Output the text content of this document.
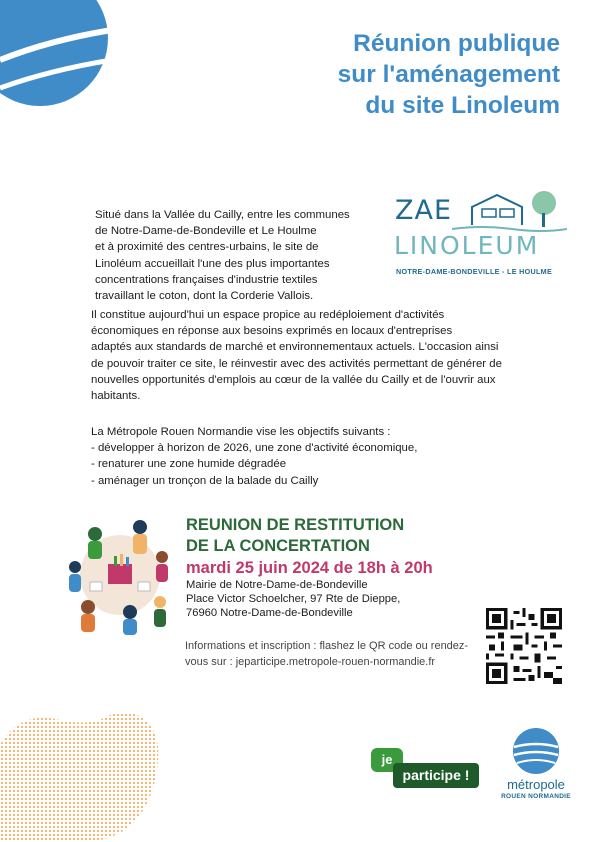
Réunion publique
sur l'aménagement
du site Linoleum
Situé dans la Vallée du Cailly, entre les communes
de Notre-Dame-de-Bondeville et Le Houlme
et à proximité des centres-urbains, le site de
Linoléum accueillait l'une des plus importantes
concentrations françaises d'industrie textiles
travaillant le coton, dont la Corderie Vallois.
ZAE
LINOLEUM
NOTRE-DAME-BONDEVILLE - LE HOULME
Il constitue aujourd'hui un espace propice au redéploiement d'activités
économiques en réponse aux besoins exprimés en locaux d'entreprises
adaptés aux standards de marché et environnementaux actuels. L'occasion ainsi
de pouvoir traiter ce site, le réinvestir avec des activités permettant de générer de
nouvelles opportunités d'emplois au cœur de la vallée du Cailly et de l'ouvrir aux
habitants.
La Métropole Rouen Normandie vise les objectifs suivants :
- développer à horizon de 2026, une zone d'activité économique,
- renaturer une zone humide dégradée
- aménager un tronçon de la balade du Cailly
REUNION DE RESTITUTION
DE LA CONCERTATION
mardi 25 juin 2024 de 18h à 20h
Mairie de Notre-Dame-de-Bondeville
Place Victor Schoelcher, 97 Rte de Dieppe,
76960 Notre-Dame-de-Bondeville
Informations et inscription : flashez le QR code ou rendez-
vous sur : jeparticipe.metropole-rouen-normandie.fr
je
participe !
métropole
ROUEN NORMANDIE
